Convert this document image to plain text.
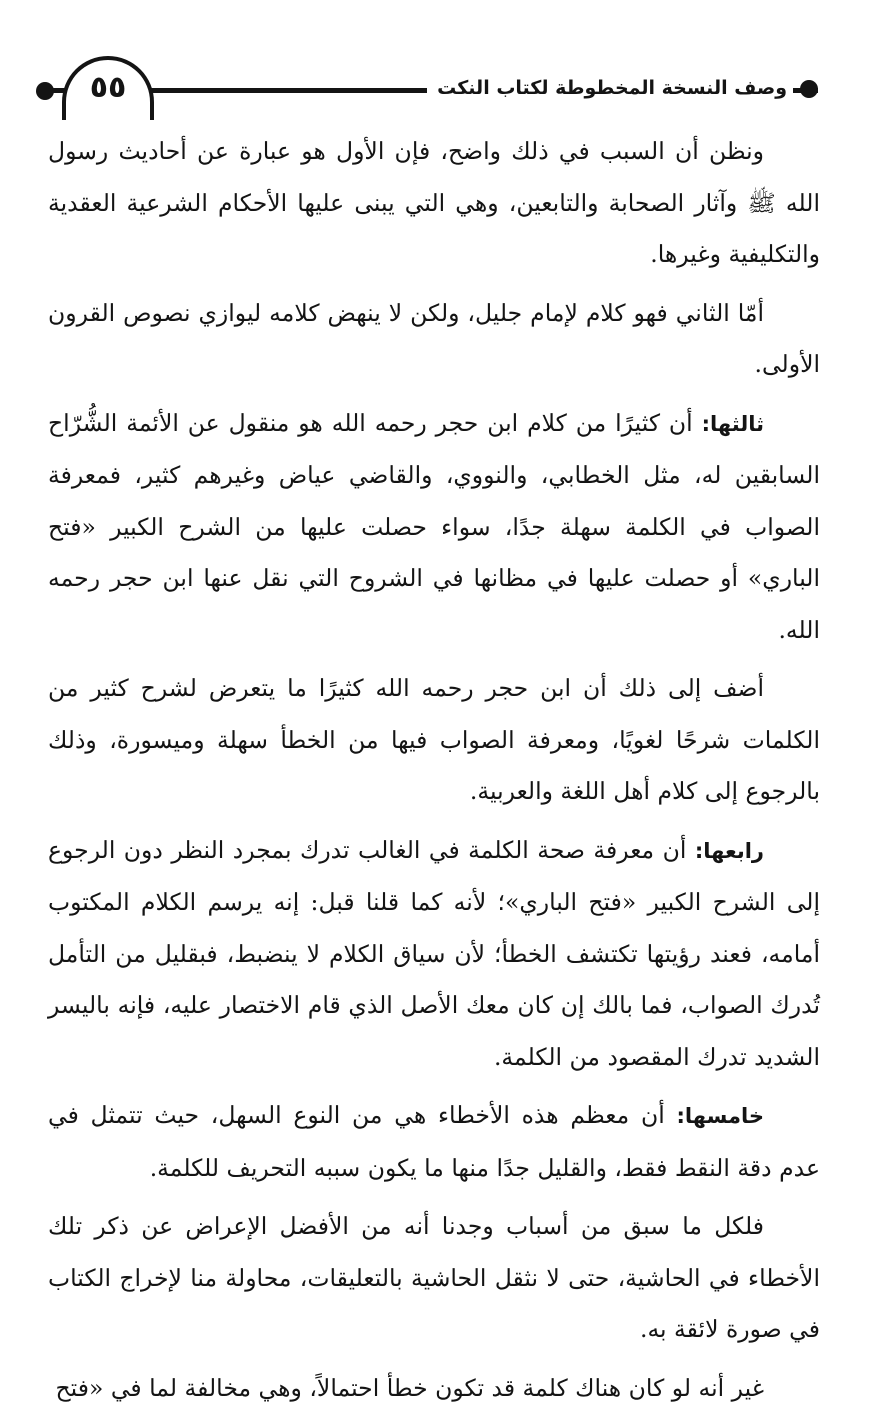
٥٥	وصف النسخة المخطوطة لكتاب النكت

ونظن أن السبب في ذلك واضح، فإن الأول هو عبارة عن أحاديث رسول الله ﷺ وآثار الصحابة والتابعين، وهي التي يبنى عليها الأحكام الشرعية العقدية والتكليفية وغيرها.

أمّا الثاني فهو كلام لإمام جليل، ولكن لا ينهض كلامه ليوازي نصوص القرون الأولى.

ثالثها: أن كثيرًا من كلام ابن حجر رحمه الله هو منقول عن الأئمة الشُّرّاح السابقين له، مثل الخطابي، والنووي، والقاضي عياض وغيرهم كثير، فمعرفة الصواب في الكلمة سهلة جدًا، سواء حصلت عليها من الشرح الكبير «فتح الباري» أو حصلت عليها في مظانها في الشروح التي نقل عنها ابن حجر رحمه الله.

أضف إلى ذلك أن ابن حجر رحمه الله كثيرًا ما يتعرض لشرح كثير من الكلمات شرحًا لغويًا، ومعرفة الصواب فيها من الخطأ سهلة وميسورة، وذلك بالرجوع إلى كلام أهل اللغة والعربية.

رابعها: أن معرفة صحة الكلمة في الغالب تدرك بمجرد النظر دون الرجوع إلى الشرح الكبير «فتح الباري»؛ لأنه كما قلنا قبل: إنه يرسم الكلام المكتوب أمامه، فعند رؤيتها تكتشف الخطأ؛ لأن سياق الكلام لا ينضبط، فبقليل من التأمل تُدرك الصواب، فما بالك إن كان معك الأصل الذي قام الاختصار عليه، فإنه باليسر الشديد تدرك المقصود من الكلمة.

خامسها: أن معظم هذه الأخطاء هي من النوع السهل، حيث تتمثل في عدم دقة النقط فقط، والقليل جدًا منها ما يكون سببه التحريف للكلمة.

فلكل ما سبق من أسباب وجدنا أنه من الأفضل الإعراض عن ذكر تلك الأخطاء في الحاشية، حتى لا نثقل الحاشية بالتعليقات، محاولة منا لإخراج الكتاب في صورة لائقة به.

غير أنه لو كان هناك كلمة قد تكون خطأ احتمالاً، وهي مخالفة لما في «فتح
